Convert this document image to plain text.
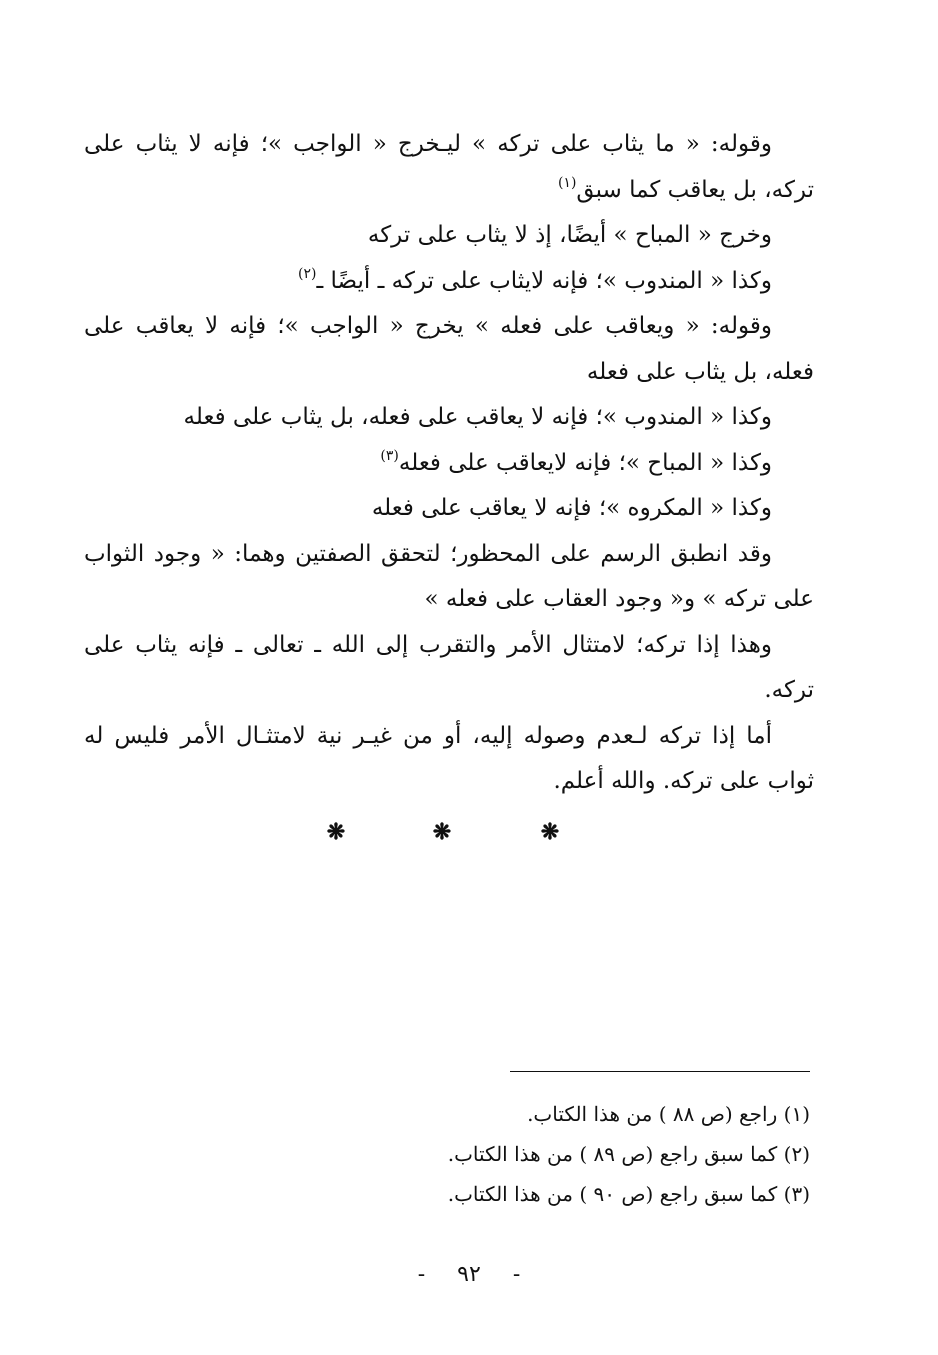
وقوله: « ما يثاب على تركه » ليـخرج « الواجب »؛ فإنه لا يثاب على تركه، بل يعاقب كما سبق$^{(١)}$

وخرج « المباح » أيضًا، إذ لا يثاب على تركه

وكذا « المندوب »؛ فإنه لايثاب على تركه ـ أيضًا ـ$^{(٢)}$

وقوله: « ويعاقب على فعله » يخرج « الواجب »؛ فإنه لا يعاقب على فعله، بل يثاب على فعله

وكذا « المندوب »؛ فإنه لا يعاقب على فعله، بل يثاب على فعله

وكذا « المباح »؛ فإنه لايعاقب على فعله$^{(٣)}$

وكذا « المكروه »؛ فإنه لا يعاقب على فعله

وقد انطبق الرسم على المحظور؛ لتحقق الصفتين وهما: « وجود الثواب على تركه » و« وجود العقاب على فعله »

وهذا إذا تركه؛ لامتثال الأمر والتقرب إلى الله ـ تعالى ـ فإنه يثاب على تركه.

أما إذا تركه لـعدم وصوله إليه، أو من غيـر نية لامتثـال الأمر فليس له ثواب على تركه. والله أعلم.

❋	❋	❋

(١) راجع (ص ٨٨ ) من هذا الكتاب.

(٢) كما سبق راجع (ص ٨٩ ) من هذا الكتاب.

(٣) كما سبق راجع (ص ٩٠ ) من هذا الكتاب.

-٩٢-
